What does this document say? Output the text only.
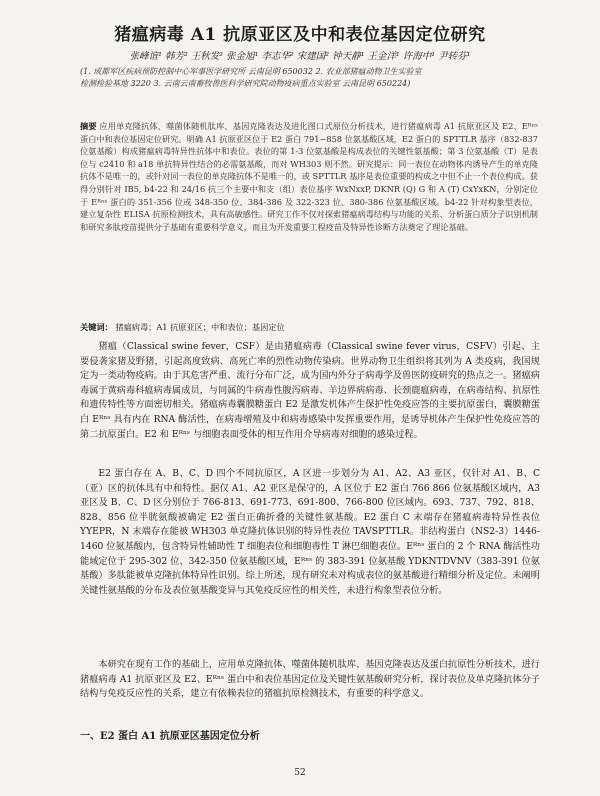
猪瘟病毒 A1 抗原亚区及中和表位基因定位研究
张峰谊¹ 韩芳² 王秋发² 张金旭¹ 李志华² 宋建国² 钟天静¹ 王金洋¹ 许海中¹ 尹转芬¹
(1. 成都军区疾病预防控制中心军事医学研究所 云南昆明 650032 2. 农业部猪瘟动物卫生实验室
检测检验基地 3220 3. 云南云南畜牧兽医科学研究院动物疫病重点实验室 云南昆明 650224)
摘要 应用单克隆抗体、噬菌体随机肽库、基因克隆表达及进化图口式原位分析技术，进行猪瘟病毒 A1 抗原亚区及 E2、Eᴿⁿˢ蛋白中和表位基因定位研究。明确 A1 抗原亚区位于 E2 蛋白 791~858 位氨基酸区域，E2 蛋白的 SPTTLR 基序（832-837 位氨基酸）构成猪瘟病毒特异性抗体中和表位。表位的第 1-3 位氨基酸是构成表位的关键性氨基酸；第 3 位氨基酸（T）是表位与 c2410 和 a18 单抗特异性结合的必需氨基酸，而对 WH303 则不然。研究提示：同一表位在动物体内诱导产生的单克隆抗体不是唯一的，或针对同一表位的单克隆抗体不是唯一的，或 SPTTLR 基序是表位重要的构成之中但不止一个表位构成。获得分别针对 IB5, b4-22 和 24/16 抗三个主要中和支（组）表位基序 WxNxxP, DKNR (Q) G 和 A (T) CxYxKN，分别定位于 Eᴿⁿˢ 蛋白的 351-356 位或 348-350 位、384-386 及 322-323 位、380-386 位氨基酸区域。b4-22 针对构象型表位，建立复杂性 ELISA 抗原检测技术，具有高敏感性。研究工作不仅对探索猪瘟病毒结构与功能的关系、分析蛋白质分子识别机制和研究多肽疫苗提供分子基础有重要科学意义，而且为开发重要工程疫苗及特异性诊断方法奠定了理论基础。
关键词： 猪瘟病毒；A1 抗原亚区；中和表位；基因定位
猪瘟（Classical swine fever，CSF）是由猪瘟病毒（Classical swine fever virus，CSFV）引起、主要侵袭家猪及野猪，引起高度致病、高死亡率的烈性动物传染病。世界动物卫生组织将其列为 A 类疫病，我国规定为一类动物疫病。由于其危害严重、流行分布广泛，成为国内外分子病毒学及兽医防疫研究的热点之一。猪瘟病毒属于黄病毒科瘟病毒属成员，与同属的牛病毒性腹泻病毒、羊边界病病毒、长颈鹿瘟病毒，在病毒结构、抗原性和遗传特性等方面密切相关。猪瘟病毒囊膜糖蛋白 E2 是激发机体产生保护性免疫应答的主要抗原蛋白，囊膜糖蛋白 Eᴿⁿˢ 具有内在 RNA 酶活性，在病毒增殖及中和病毒感染中发挥重要作用，是诱导机体产生保护性免疫应答的第二抗原蛋白。E2 和 Eᴿⁿˢ 与细胞表面受体的相互作用介导病毒对细胞的感染过程。
E2 蛋白存在 A、B、C、D 四个不同抗原区，A 区进一步划分为 A1、A2、A3 亚区，仅针对 A1、B、C（亚）区的抗体具有中和特性。据仅 A1、A2 亚区是保守的，A 区位于 E2 蛋白 766 866 位氨基酸区域内，A3 亚区及 B、C、D 区分别位于 766-813、691-773、691-800、766-800 位区域内。693、737、792、818、828、856 位半胱氨酸被确定 E2 蛋白正确折叠的关键性氨基酸。E2 蛋白 C 末端存在猪瘟病毒特异性表位 YYEPR，N 末端存在能被 WH303 单克隆抗体识别的特异性表位 TAVSPTTLR。非结构蛋白（NS2-3）1446-1460 位氨基酸内，包含特异性辅助性 T 细胞表位和细胞毒性 T 淋巴细胞表位。Eᴿⁿˢ 蛋白的 2 个 RNA 酶活性功能域定位于 295-302 位、342-350 位氨基酸区域，Eᴿⁿˢ 的 383-391 位氨基酸 YDKNTDVNV（383-391 位氨基酸）多肽能被单克隆抗体特异性识别。综上所述，现有研究未对构成表位的氨基酸进行精细分析及定位。未阐明关键性氨基酸的分布及表位氨基酸变异与其免疫反应性的相关性，未进行构象型表位分析。
本研究在现有工作的基础上，应用单克隆抗体、噬菌体随机肽库、基因克隆表达及蛋白抗原性分析技术，进行猪瘟病毒 A1 抗原亚区及 E2、Eᴿⁿˢ 蛋白中和表位基因定位及关键性氨基酸研究分析，探讨表位及单克隆抗体分子结构与免疫反应性的关系，建立有依赖表位的猪瘟抗原检测技术，有重要的科学意义。
一、E2 蛋白 A1 抗原亚区基因定位分析
52
